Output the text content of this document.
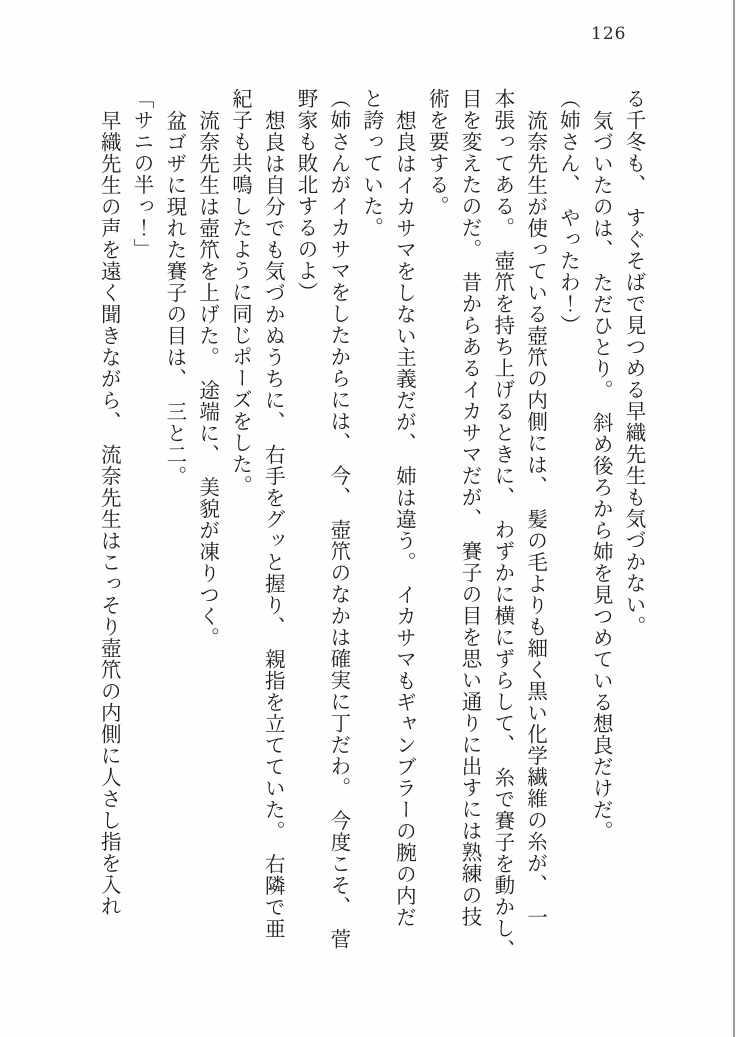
126

る千冬も、　すぐそばで見つめる早織先生も気づかない。

気づいたのは、　ただひとり。　斜め後ろから姉を見つめている想良だけだ。

（姉さん、　やったわ！）

流奈先生が使っている壺笊の内側には、　髪の毛よりも細く黒い化学繊維の糸が、　一

本張ってある。　壺笊を持ち上げるときに、　わずかに横にずらして、　糸で賽子を動かし、

目を変えたのだ。　昔からあるイカサマだが、　賽子の目を思い通りに出すには熟練の技

術を要する。

想良はイカサマをしない主義だが、　姉は違う。　イカサマもギャンブラーの腕の内だ

と誇っていた。

（姉さんがイカサマをしたからには、　今、　壺笊のなかは確実に丁だわ。　今度こそ、　菅

野家も敗北するのよ）

想良は自分でも気づかぬうちに、　右手をグッと握り、　親指を立てていた。　右隣で亜

紀子も共鳴したように同じポーズをした。

流奈先生は壺笊を上げた。　途端に、　美貌が凍りつく。

盆ゴザに現れた賽子の目は、　三と二。

「サニの半っ！」

早織先生の声を遠く聞きながら、　流奈先生はこっそり壺笊の内側に人さし指を入れ
